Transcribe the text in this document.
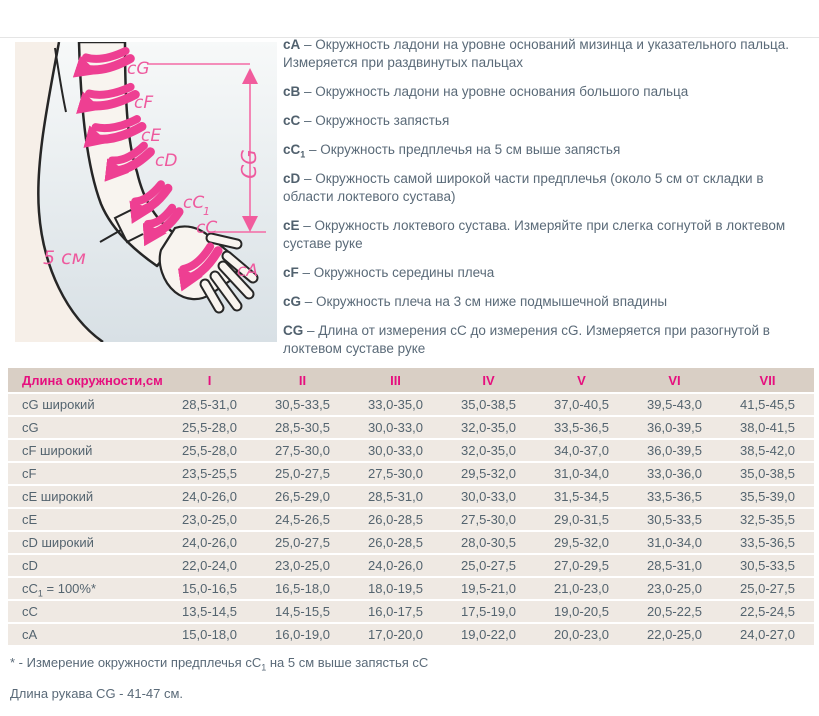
cG
cF
cE
cD
cC
1
cC
cA
5 см
CG

cA – Окружность ладони на уровне оснований мизинца и указательного пальца. Измеряется при раздвинутых пальцах

cB – Окружность ладони на уровне основания большого пальца

cC – Окружность запястья

$cC_1$ – Окружность предплечья на 5 см выше запястья

cD – Окружность самой широкой части предплечья (около 5 см от складки в области локтевого сустава)

cE – Окружность локтевого сустава. Измеряйте при слегка согнутой в локтевом суставе руке

cF – Окружность середины плеча

cG – Окружность плеча на 3 см ниже подмышечной впадины

CG – Длина от измерения cC до измерения cG. Измеряется при разогнутой в локтевом суставе руке

Длина окружности,см	I	II	III	IV	V	VI	VII
cG широкий	28,5-31,0	30,5-33,5	33,0-35,0	35,0-38,5	37,0-40,5	39,5-43,0	41,5-45,5
cG	25,5-28,0	28,5-30,5	30,0-33,0	32,0-35,0	33,5-36,5	36,0-39,5	38,0-41,5
cF широкий	25,5-28,0	27,5-30,0	30,0-33,0	32,0-35,0	34,0-37,0	36,0-39,5	38,5-42,0
cF	23,5-25,5	25,0-27,5	27,5-30,0	29,5-32,0	31,0-34,0	33,0-36,0	35,0-38,5
cE широкий	24,0-26,0	26,5-29,0	28,5-31,0	30,0-33,0	31,5-34,5	33,5-36,5	35,5-39,0
cE	23,0-25,0	24,5-26,5	26,0-28,5	27,5-30,0	29,0-31,5	30,5-33,5	32,5-35,5
cD широкий	24,0-26,0	25,0-27,5	26,0-28,5	28,0-30,5	29,5-32,0	31,0-34,0	33,5-36,5
cD	22,0-24,0	23,0-25,0	24,0-26,0	25,0-27,5	27,0-29,5	28,5-31,0	30,5-33,5
$cC_1 = 100\%*$	15,0-16,5	16,5-18,0	18,0-19,5	19,5-21,0	21,0-23,0	23,0-25,0	25,0-27,5
cC	13,5-14,5	14,5-15,5	16,0-17,5	17,5-19,0	19,0-20,5	20,5-22,5	22,5-24,5
cA	15,0-18,0	16,0-19,0	17,0-20,0	19,0-22,0	20,0-23,0	22,0-25,0	24,0-27,0

* - Измерение окружности предплечья $cC_1$ на 5 см выше запястья cC

Длина рукава CG - 41-47 см.
